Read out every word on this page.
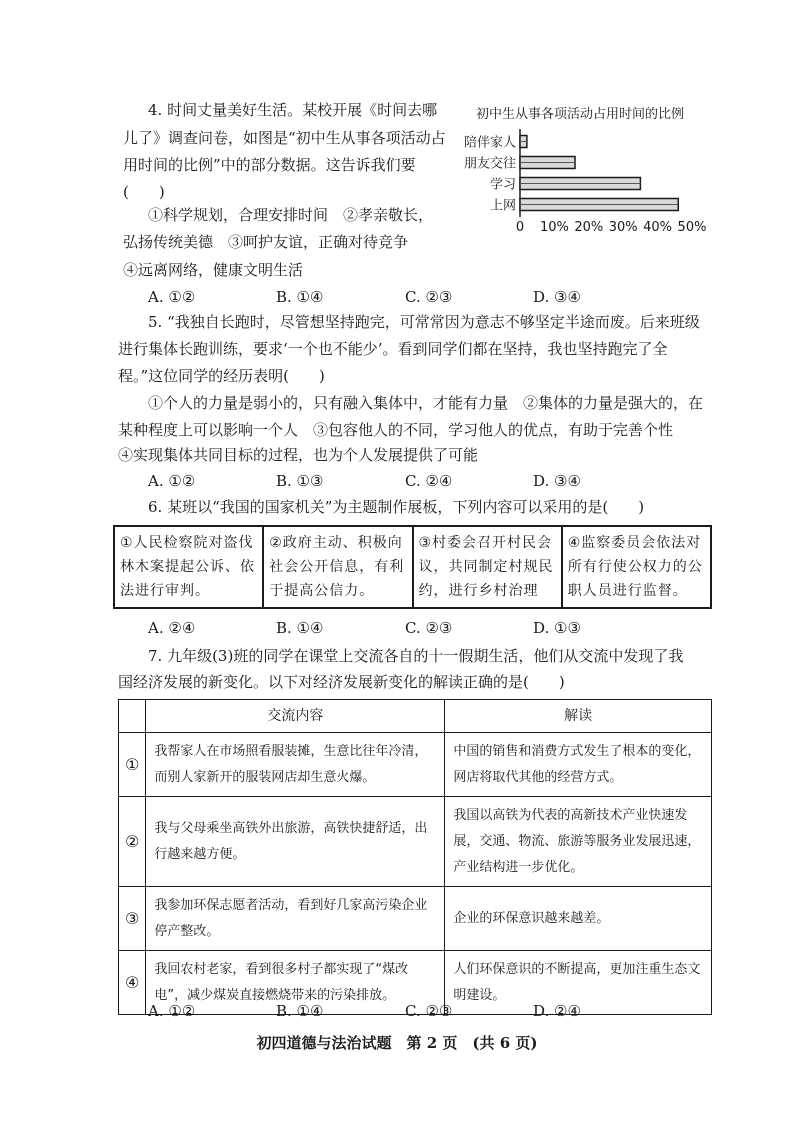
4. 时间丈量美好生活。某校开展《时间去哪
儿了》调查问卷，如图是“初中生从事各项活动占
用时间的比例”中的部分数据。这告诉我们要
(　　)
①科学规划，合理安排时间　②孝亲敬长，
弘扬传统美德　③呵护友谊，正确对待竞争
④远离网络，健康文明生活
A. ①②	B. ①④	C. ②③	D. ③④
初中生从事各项活动占用时间的比例
陪伴家人
朋友交往
学习
上网
0 10% 20% 30% 40% 50%
5. “我独自长跑时，尽管想坚持跑完，可常常因为意志不够坚定半途而废。后来班级
进行集体长跑训练，要求‘一个也不能少’。看到同学们都在坚持，我也坚持跑完了全
程。”这位同学的经历表明(　　)
①个人的力量是弱小的，只有融入集体中，才能有力量　②集体的力量是强大的，在
某种程度上可以影响一个人　③包容他人的不同，学习他人的优点，有助于完善个性
④实现集体共同目标的过程，也为个人发展提供了可能
A. ①②	B. ①③	C. ②④	D. ③④
6. 某班以“我国的国家机关”为主题制作展板，下列内容可以采用的是(　　)
①人民检察院对盗伐林木案提起公诉、依法进行审判。	②政府主动、积极向社会公开信息，有利于提高公信力。	③村委会召开村民会议，共同制定村规民约，进行乡村治理	④监察委员会依法对所有行使公权力的公职人员进行监督。
A. ②④	B. ①④	C. ②③	D. ①③
7. 九年级(3)班的同学在课堂上交流各自的十一假期生活，他们从交流中发现了我
国经济发展的新变化。以下对经济发展新变化的解读正确的是(　　)
	交流内容	解读
①	我帮家人在市场照看服装摊，生意比往年冷清，而别人家新开的服装网店却生意火爆。	中国的销售和消费方式发生了根本的变化，网店将取代其他的经营方式。
②	我与父母乘坐高铁外出旅游，高铁快捷舒适，出行越来越方便。	我国以高铁为代表的高新技术产业快速发展，交通、物流、旅游等服务业发展迅速，产业结构进一步优化。
③	我参加环保志愿者活动，看到好几家高污染企业停产整改。	企业的环保意识越来越差。
④	我回农村老家，看到很多村子都实现了“煤改电”，减少煤炭直接燃烧带来的污染排放。	人们环保意识的不断提高，更加注重生态文明建设。
A. ①②	B. ①④	C. ②③	D. ②④
初四道德与法治试题　第 2 页　(共 6 页)
